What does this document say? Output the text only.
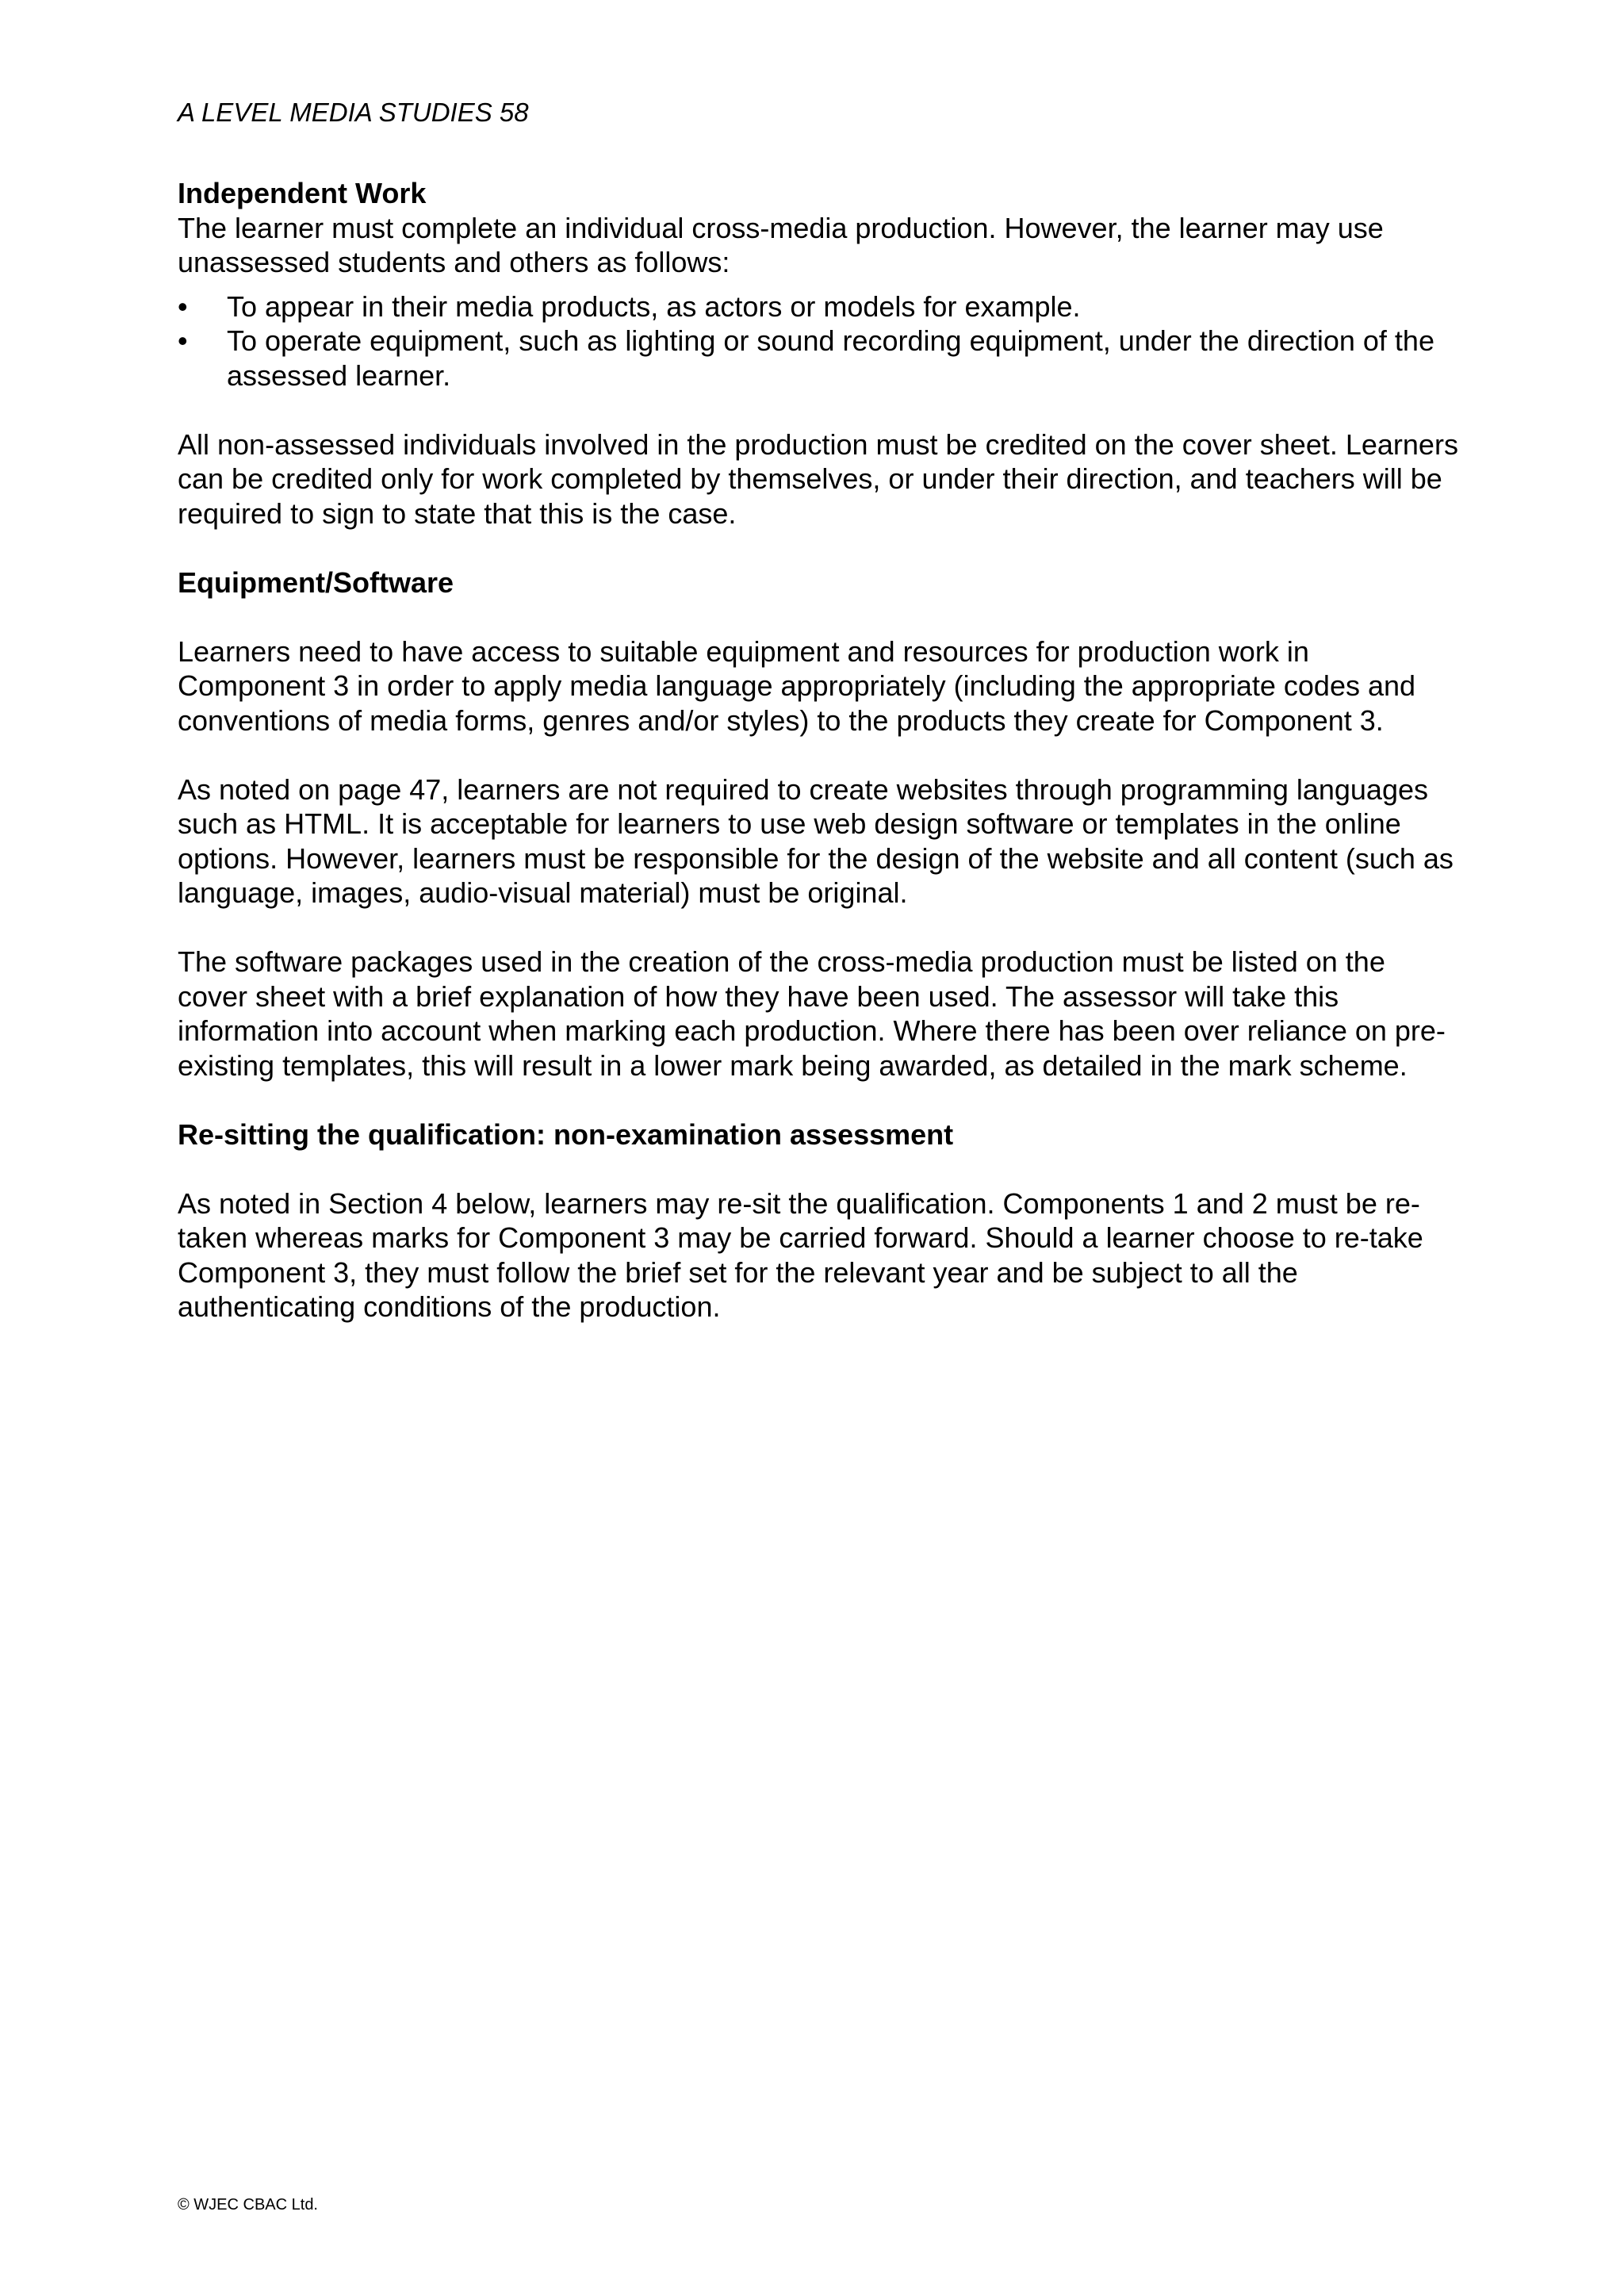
A LEVEL MEDIA STUDIES 58

Independent Work

The learner must complete an individual cross-media production. However, the learner may use unassessed students and others as follows:

• To appear in their media products, as actors or models for example.
• To operate equipment, such as lighting or sound recording equipment, under the direction of the assessed learner.

All non-assessed individuals involved in the production must be credited on the cover sheet. Learners can be credited only for work completed by themselves, or under their direction, and teachers will be required to sign to state that this is the case.

Equipment/Software

Learners need to have access to suitable equipment and resources for production work in Component 3 in order to apply media language appropriately (including the appropriate codes and conventions of media forms, genres and/or styles) to the products they create for Component 3.

As noted on page 47, learners are not required to create websites through programming languages such as HTML. It is acceptable for learners to use web design software or templates in the online options. However, learners must be responsible for the design of the website and all content (such as language, images, audio-visual material) must be original.

The software packages used in the creation of the cross-media production must be listed on the cover sheet with a brief explanation of how they have been used. The assessor will take this information into account when marking each production. Where there has been over reliance on pre-existing templates, this will result in a lower mark being awarded, as detailed in the mark scheme.

Re-sitting the qualification: non-examination assessment

As noted in Section 4 below, learners may re-sit the qualification. Components 1 and 2 must be re-taken whereas marks for Component 3 may be carried forward. Should a learner choose to re-take Component 3, they must follow the brief set for the relevant year and be subject to all the authenticating conditions of the production.

© WJEC CBAC Ltd.
